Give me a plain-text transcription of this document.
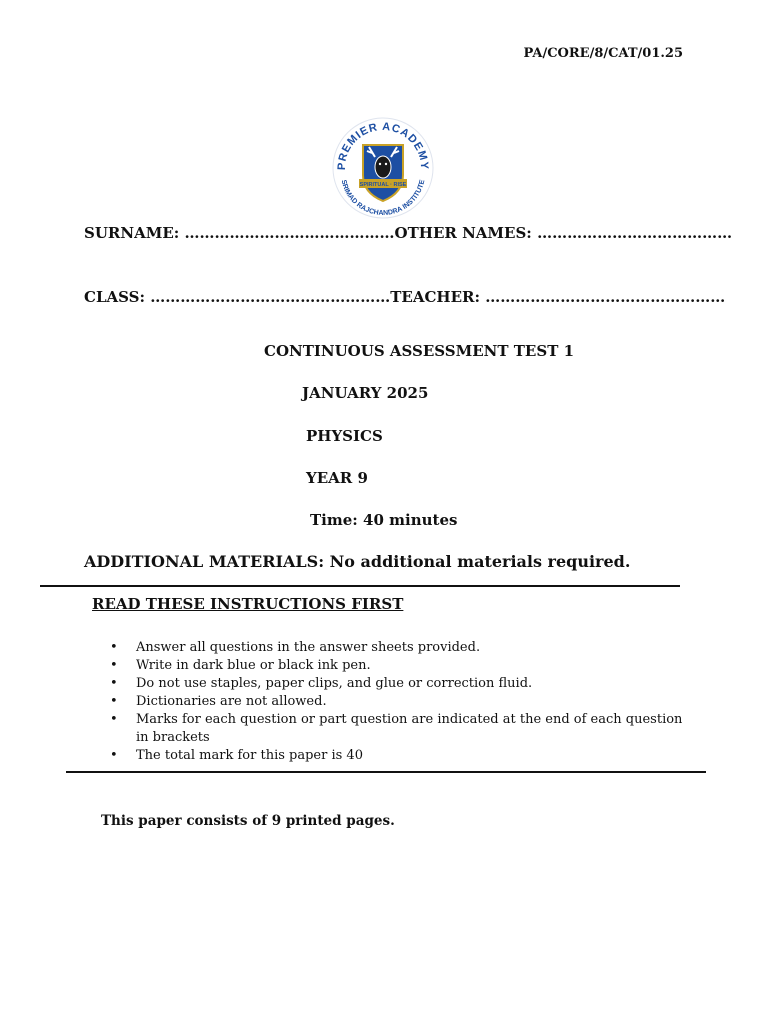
PA/CORE/8/CAT/01.25
PREMIER ACADEMY
SRIMAD RAJCHANDRA INSTITUTE
SPIRITUAL · RISE
SURNAME: ……………………………………OTHER NAMES: …………………………………
CLASS: …………………………………………TEACHER: …………………………………………
CONTINUOUS ASSESSMENT TEST 1
JANUARY 2025
PHYSICS
YEAR 9
Time: 40 minutes
ADDITIONAL MATERIALS: No additional materials required.
READ THESE INSTRUCTIONS FIRST
• Answer all questions in the answer sheets provided.
• Write in dark blue or black ink pen.
• Do not use staples, paper clips, and glue or correction fluid.
• Dictionaries are not allowed.
• Marks for each question or part question are indicated at the end of each question in brackets
• The total mark for this paper is 40
This paper consists of 9 printed pages.
